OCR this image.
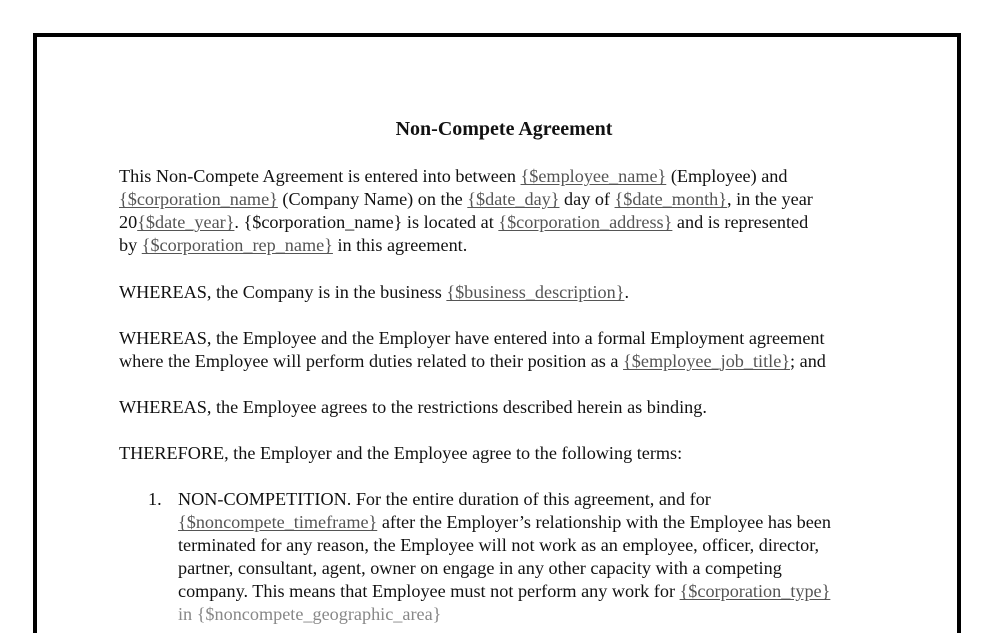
Non-Compete Agreement
This Non-Compete Agreement is entered into between {$employee_name} (Employee) and
{$corporation_name} (Company Name) on the {$date_day} day of {$date_month}, in the year
20{$date_year}. {$corporation_name} is located at {$corporation_address} and is represented
by {$corporation_rep_name} in this agreement.
WHEREAS, the Company is in the business {$business_description}.
WHEREAS, the Employee and the Employer have entered into a formal Employment agreement
where the Employee will perform duties related to their position as a {$employee_job_title}; and
WHEREAS, the Employee agrees to the restrictions described herein as binding.
THEREFORE, the Employer and the Employee agree to the following terms:
1. NON-COMPETITION. For the entire duration of this agreement, and for
{$noncompete_timeframe} after the Employer’s relationship with the Employee has been
terminated for any reason, the Employee will not work as an employee, officer, director,
partner, consultant, agent, owner on engage in any other capacity with a competing
company. This means that Employee must not perform any work for {$corporation_type}
in {$noncompete_geographic_area}
